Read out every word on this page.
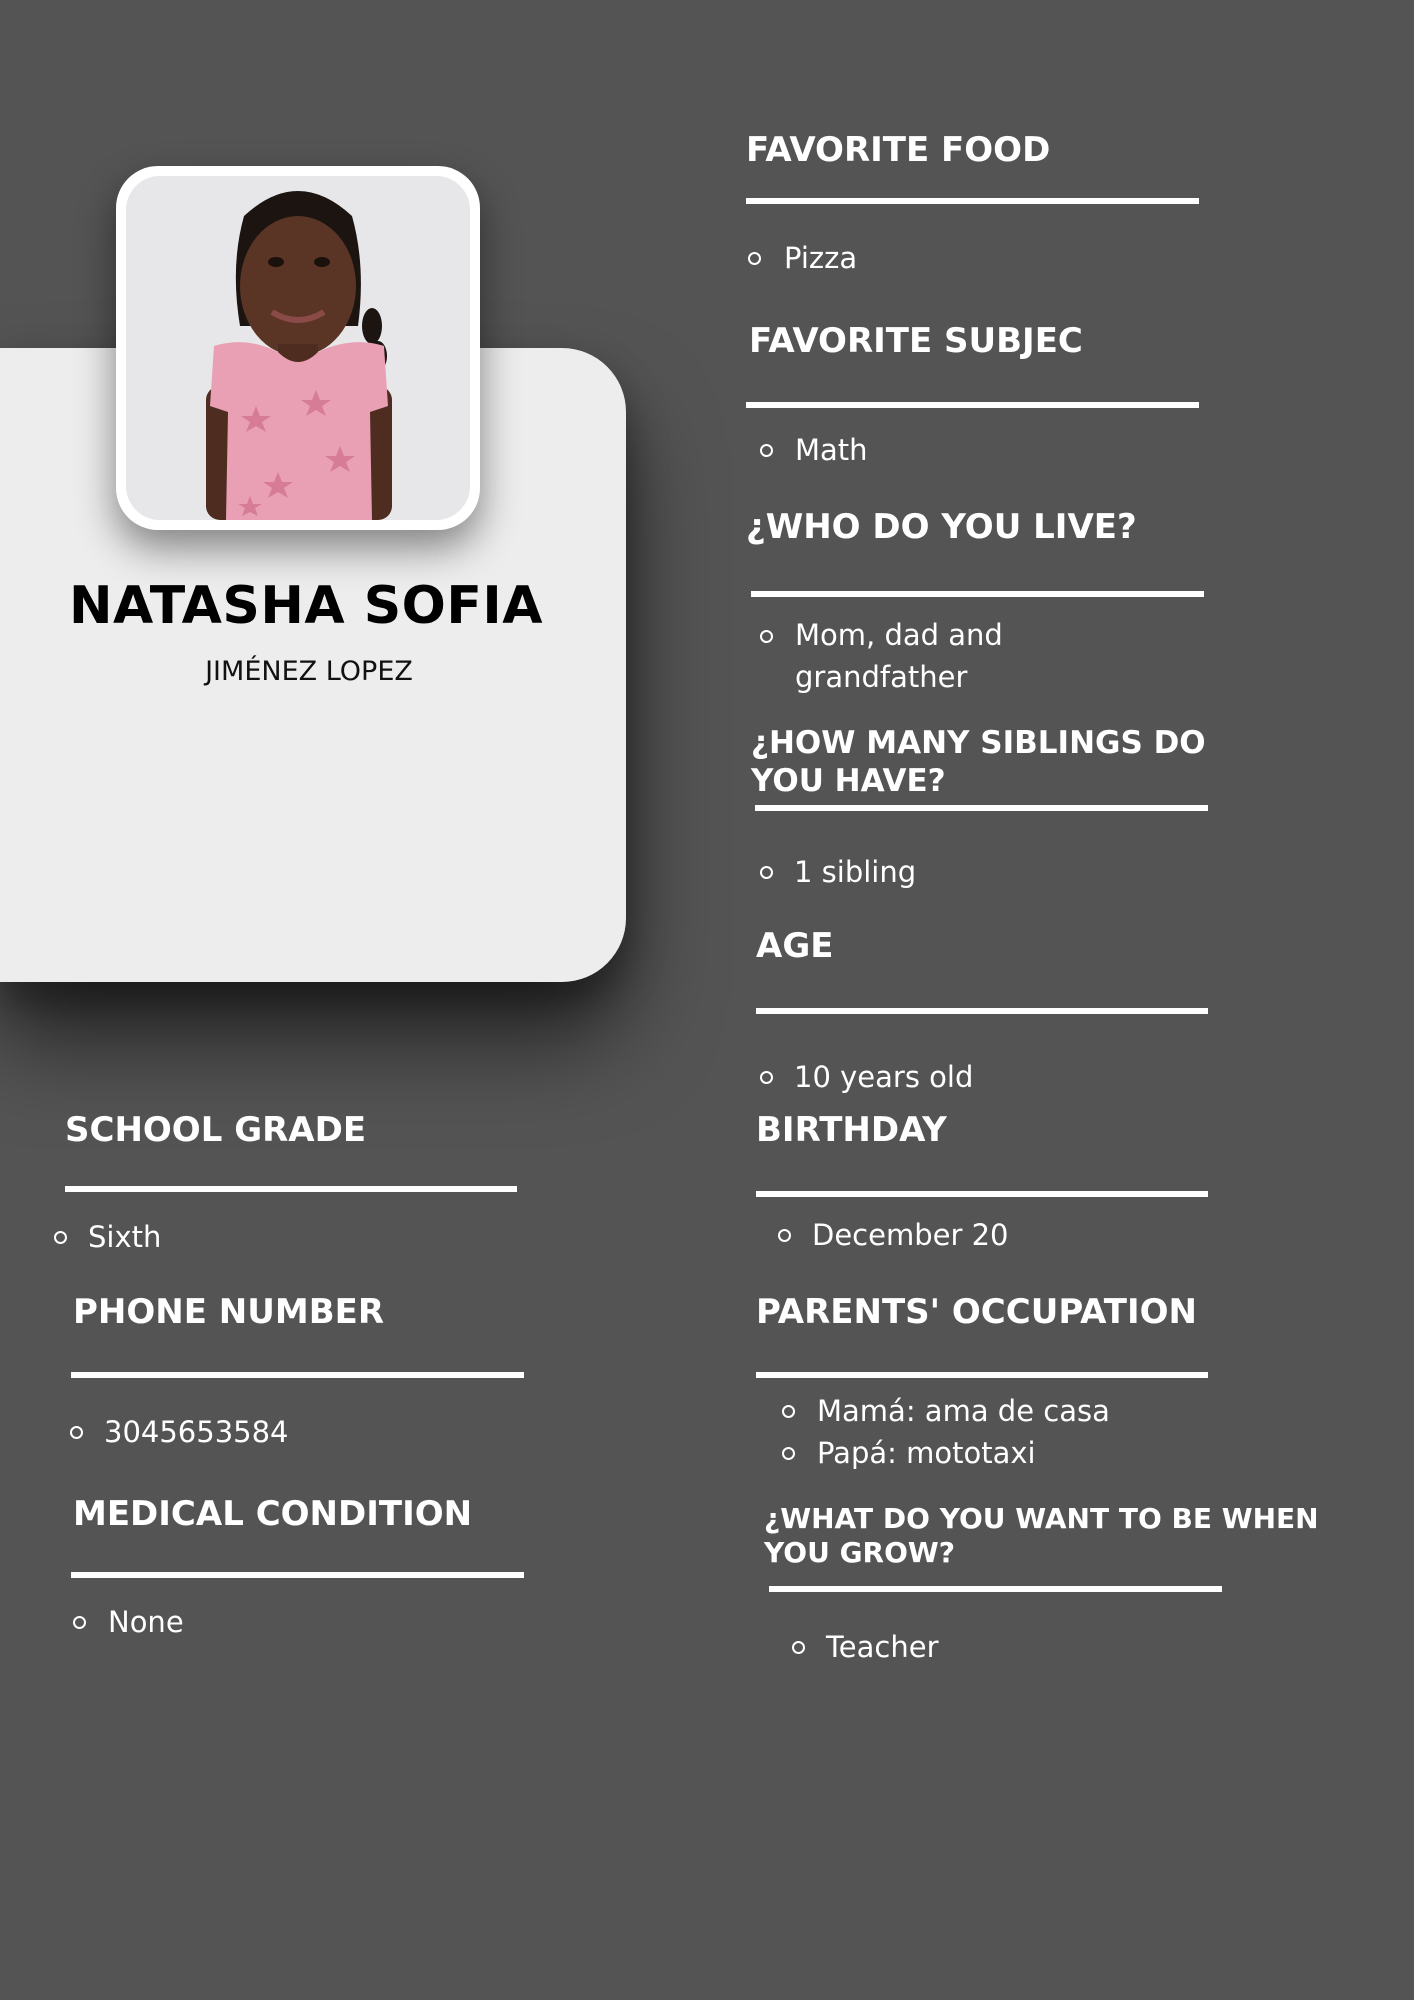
NATASHA SOFIA
JIMÉNEZ LOPEZ
SCHOOL GRADE
Sixth
PHONE NUMBER
3045653584
MEDICAL CONDITION
None
FAVORITE FOOD
Pizza
FAVORITE SUBJEC
Math
¿WHO DO YOU LIVE?
Mom, dad and
grandfather
¿HOW MANY SIBLINGS DO
YOU HAVE?
1 sibling
AGE
10 years old
BIRTHDAY
December 20
PARENTS' OCCUPATION
Mamá: ama de casa
Papá: mototaxi
¿WHAT DO YOU WANT TO BE WHEN
YOU GROW?
Teacher
